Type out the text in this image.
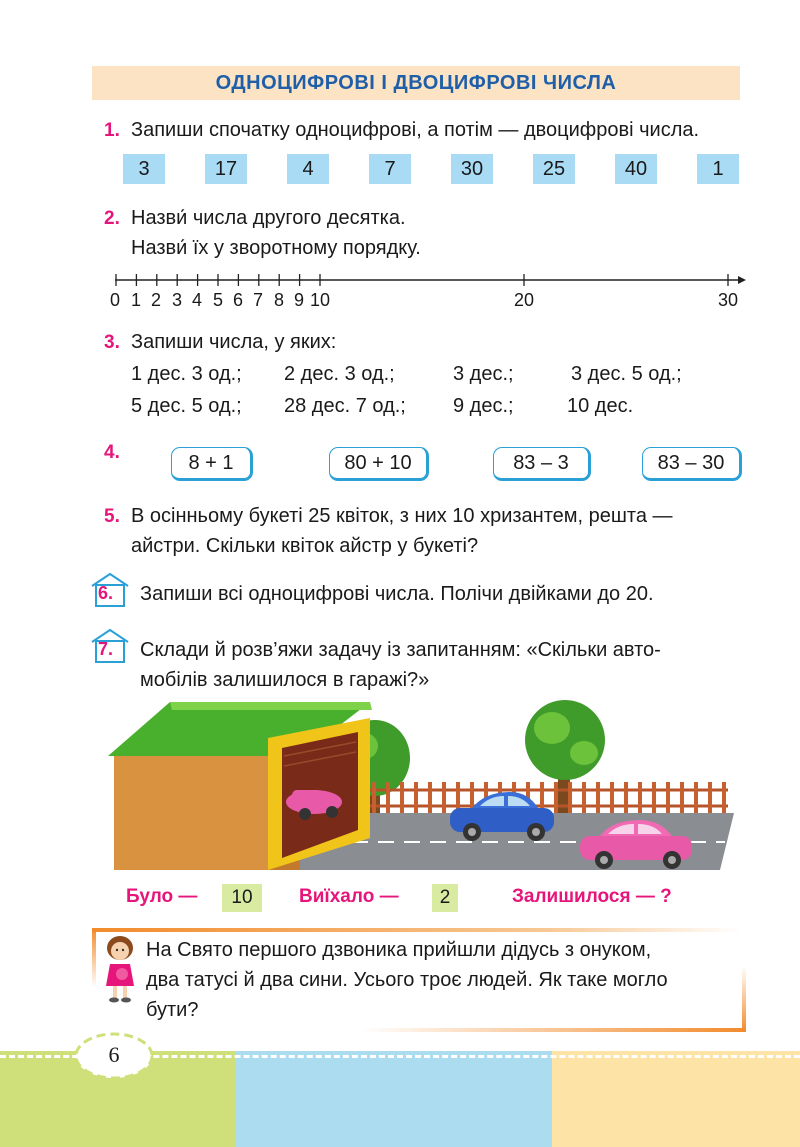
ОДНОЦИФРОВІ І ДВОЦИФРОВІ ЧИСЛА
1. Запиши спочатку одноцифрові, а потім — двоцифрові числа.
3	17	4	7	30	25	40	1
2. Назви́ числа другого десятка.
Назви́ їх у зворотному порядку.
0 1 2 3 4 5 6 7 8 9 10	20	30
3. Запиши числа, у яких:
1 дес. 3 од.; 2 дес. 3 од.;	3 дес.;	3 дес. 5 од.;
5 дес. 5 од.; 28 дес. 7 од.; 9 дес.;	10 дес.
4.	8 + 1	80 + 10	83 – 3	83 – 30
5. В осінньому букеті 25 квіток, з них 10 хризантем, решта —
айстри. Скільки квіток айстр у букеті?
6. Запиши всі одноцифрові числа. Полічи двійками до 20.
7. Склади й розв’яжи задачу із запитанням: «Скільки авто-
мобілів залишилося в гаражі?»
Було —	10	Виїхало —	2	Залишилося — ?
На Свято першого дзвоника прийшли дідусь з онуком,
два татусі й два сини. Усього троє людей. Як таке могло
бути?
6
